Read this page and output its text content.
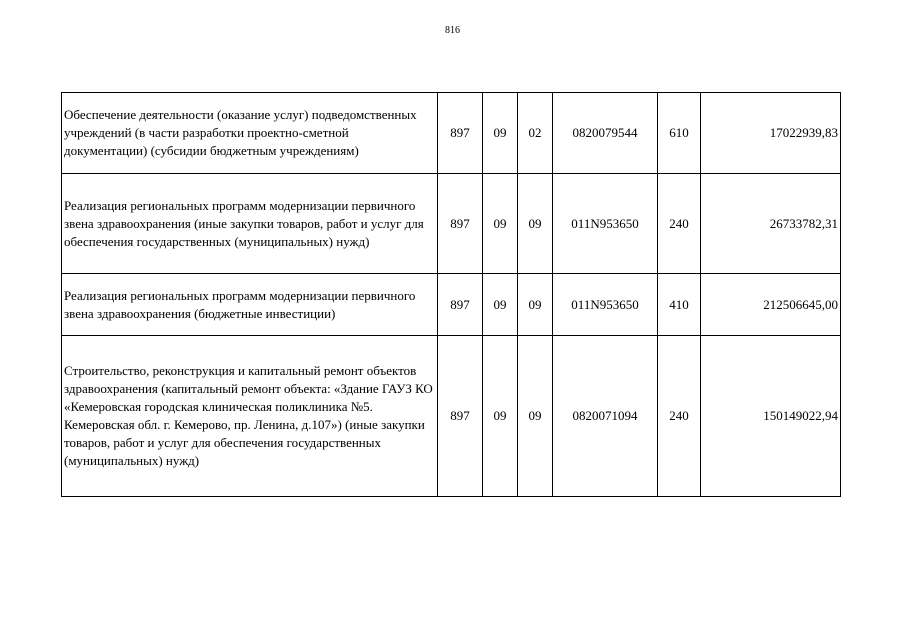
816
Обеспечение деятельности (оказание услуг) подведомственных учреждений (в части разработки проектно-сметной документации) (субсидии бюджетным учреждениям)	897	09	02	0820079544	610	17022939,83
Реализация региональных программ модернизации первичного звена здравоохранения (иные закупки товаров, работ и услуг для обеспечения государственных (муниципальных) нужд)	897	09	09	011N953650	240	26733782,31
Реализация региональных программ модернизации первичного звена здравоохранения (бюджетные инвестиции)	897	09	09	011N953650	410	212506645,00
Строительство, реконструкция и капитальный ремонт объектов здравоохранения (капитальный ремонт объекта: «Здание ГАУЗ КО «Кемеровская городская клиническая поликлиника №5. Кемеровская обл. г. Кемерово, пр. Ленина, д.107») (иные закупки товаров, работ и услуг для обеспечения государственных (муниципальных) нужд)	897	09	09	0820071094	240	150149022,94
